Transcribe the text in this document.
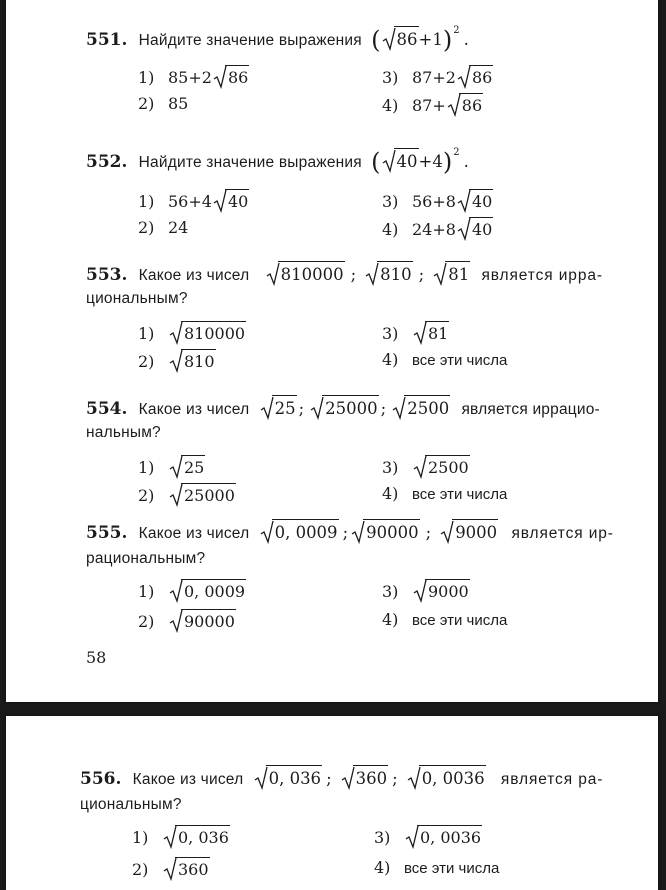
551. Найдите значение выражения ( 86+1)$^2$ .
1) 85+2 86	3) 87+2 86
2) 85	4) 87+ 86
552. Найдите значение выражения ( 40+4)$^2$ .
1) 56+4 40	3) 56+8 40
2) 24	4) 24+8 40
553. Какое из чисел 810000 ; 810 ; 81 является ирра-
циональным?
1) 810000	3) 81
2) 810	4) все эти числа
554. Какое из чисел 25 ; 25000 ; 2500 является иррацио-
нальным?
1) 25	3) 2500
2) 25000	4) все эти числа
555. Какое из чисел 0, 0009 ; 90000 ; 9000 является ир-
рациональным?
1) 0, 0009	3) 9000
2) 90000	4) все эти числа
58
556. Какое из чисел 0, 036 ; 360 ; 0, 0036 является ра-
циональным?
1) 0, 036	3) 0, 0036
2) 360	4) все эти числа
